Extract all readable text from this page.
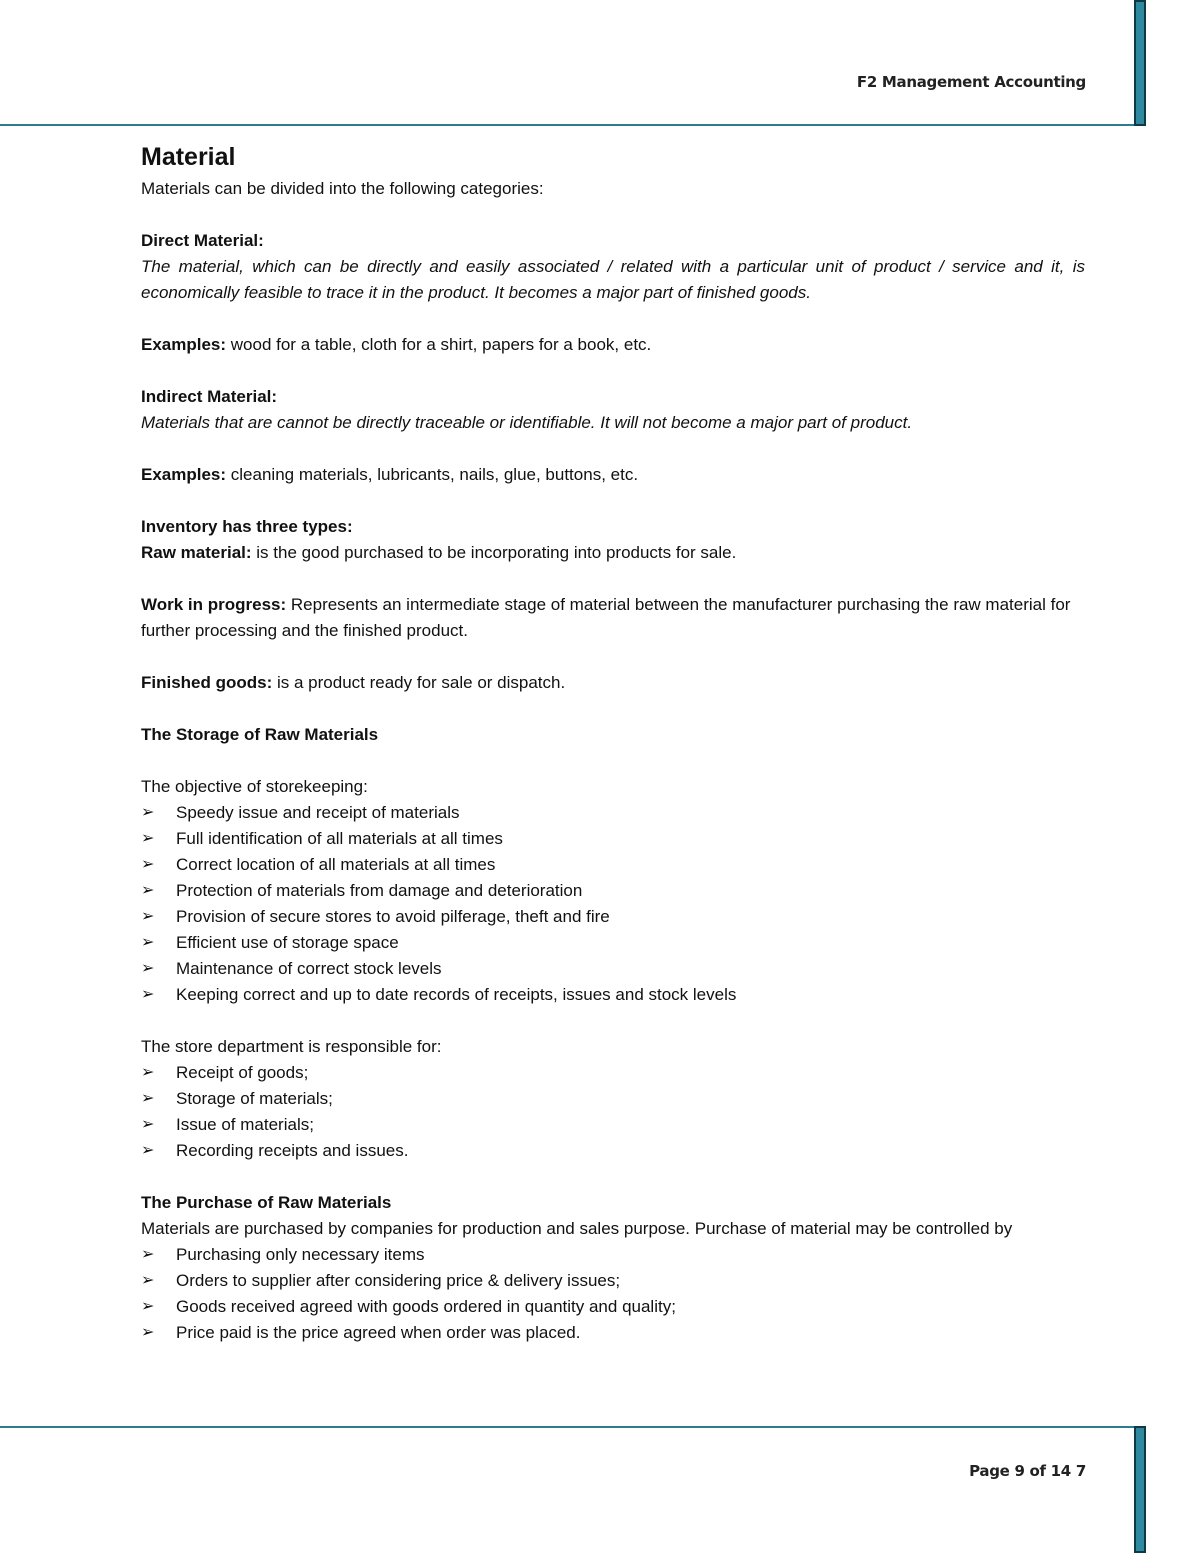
F2 Management Accounting
Page 9 of 14 7

Material

Materials can be divided into the following categories:

Direct Material:

The material, which can be directly and easily associated / related with a particular unit of product / service and it, is economically feasible to trace it in the product. It becomes a major part of finished goods.

Examples: wood for a table, cloth for a shirt, papers for a book, etc.

Indirect Material:

Materials that are cannot be directly traceable or identifiable. It will not become a major part of product.

Examples: cleaning materials, lubricants, nails, glue, buttons, etc.

Inventory has three types:

Raw material: is the good purchased to be incorporating into products for sale.

Work in progress: Represents an intermediate stage of material between the manufacturer purchasing the raw material for further processing and the finished product.

Finished goods: is a product ready for sale or dispatch.

The Storage of Raw Materials

The objective of storekeeping:

➢ Speedy issue and receipt of materials
➢ Full identification of all materials at all times
➢ Correct location of all materials at all times
➢ Protection of materials from damage and deterioration
➢ Provision of secure stores to avoid pilferage, theft and fire
➢ Efficient use of storage space
➢ Maintenance of correct stock levels
➢ Keeping correct and up to date records of receipts, issues and stock levels

The store department is responsible for:

➢ Receipt of goods;
➢ Storage of materials;
➢ Issue of materials;
➢ Recording receipts and issues.

The Purchase of Raw Materials

Materials are purchased by companies for production and sales purpose. Purchase of material may be controlled by

➢ Purchasing only necessary items
➢ Orders to supplier after considering price & delivery issues;
➢ Goods received agreed with goods ordered in quantity and quality;
➢ Price paid is the price agreed when order was placed.
